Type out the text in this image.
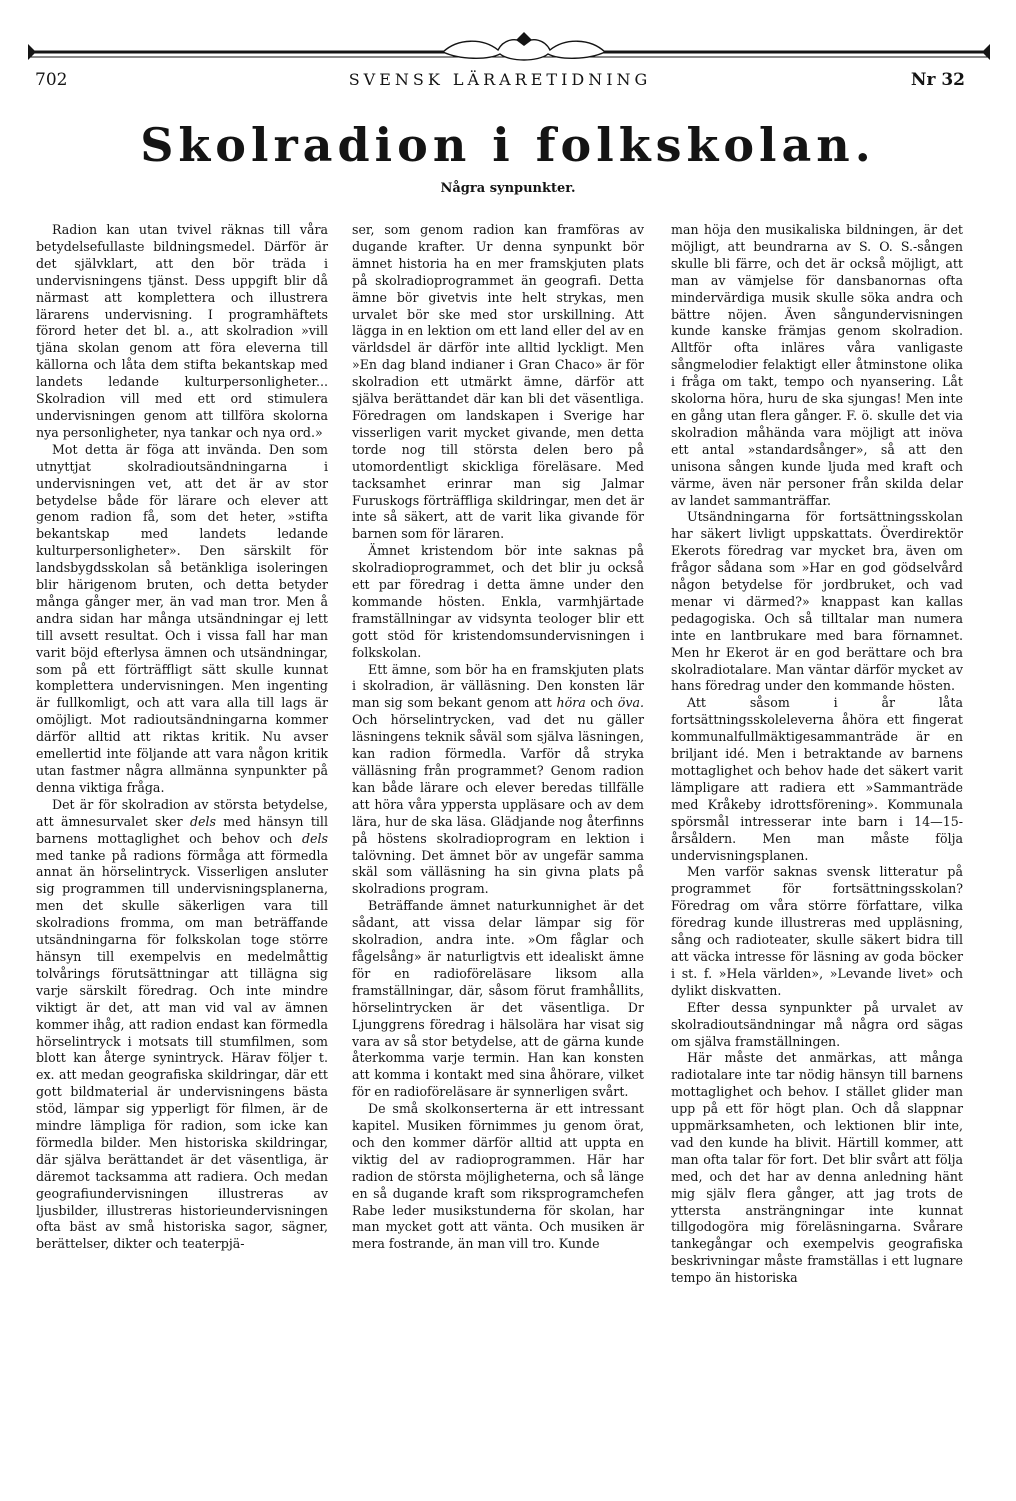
702	SVENSK LÄRARETIDNING	Nr 32
Skolradion i folkskolan.

Några synpunkter.

Radion kan utan tvivel räknas till våra betydelsefullaste bildningsmedel. Därför är det självklart, att den bör träda i undervisningens tjänst. Dess uppgift blir då närmast att komplettera och illustrera lärarens undervisning. I programhäftets förord heter det bl. a., att skolradion »vill tjäna skolan genom att föra eleverna till källorna och låta dem stifta bekantskap med landets ledande kulturpersonligheter... Skolradion vill med ett ord stimulera undervisningen genom att tillföra skolorna nya personligheter, nya tankar och nya ord.»

Mot detta är föga att invända. Den som utnyttjat skolradioutsändningarna i undervisningen vet, att det är av stor betydelse både för lärare och elever att genom radion få, som det heter, »stifta bekantskap med landets ledande kulturpersonligheter». Den särskilt för landsbygdsskolan så betänkliga isoleringen blir härigenom bruten, och detta betyder många gånger mer, än vad man tror. Men å andra sidan har många utsändningar ej lett till avsett resultat. Och i vissa fall har man varit böjd efterlysa ämnen och utsändningar, som på ett förträffligt sätt skulle kunnat komplettera undervisningen. Men ingenting är fullkomligt, och att vara alla till lags är omöjligt. Mot radioutsändningarna kommer därför alltid att riktas kritik. Nu avser emellertid inte följande att vara någon kritik utan fastmer några allmänna synpunkter på denna viktiga fråga.

Det är för skolradion av största betydelse, att ämnesurvalet sker dels med hänsyn till barnens mottaglighet och behov och dels med tanke på radions förmåga att förmedla annat än hörselintryck. Visserligen ansluter sig programmen till undervisningsplanerna, men det skulle säkerligen vara till skolradions fromma, om man beträffande utsändningarna för folkskolan toge större hänsyn till exempelvis en medelmåttig tolvårings förutsättningar att tillägna sig varje särskilt föredrag. Och inte mindre viktigt är det, att man vid val av ämnen kommer ihåg, att radion endast kan förmedla hörselintryck i motsats till stumfilmen, som blott kan återge synintryck. Härav följer t. ex. att medan geografiska skildringar, där ett gott bildmaterial är undervisningens bästa stöd, lämpar sig ypperligt för filmen, är de mindre lämpliga för radion, som icke kan förmedla bilder. Men historiska skildringar, där själva berättandet är det väsentliga, är däremot tacksamma att radiera. Och medan geografiundervisningen illustreras av ljusbilder, illustreras historieundervisningen ofta bäst av små historiska sagor, sägner, berättelser, dikter och teaterpjä-

ser, som genom radion kan framföras av dugande krafter. Ur denna synpunkt bör ämnet historia ha en mer framskjuten plats på skolradioprogrammet än geografi. Detta ämne bör givetvis inte helt strykas, men urvalet bör ske med stor urskillning. Att lägga in en lektion om ett land eller del av en världsdel är därför inte alltid lyckligt. Men »En dag bland indianer i Gran Chaco» är för skolradion ett utmärkt ämne, därför att själva berättandet där kan bli det väsentliga. Föredragen om landskapen i Sverige har visserligen varit mycket givande, men detta torde nog till största delen bero på utomordentligt skickliga föreläsare. Med tacksamhet erinrar man sig Jalmar Furuskogs förträffliga skildringar, men det är inte så säkert, att de varit lika givande för barnen som för läraren.

Ämnet kristendom bör inte saknas på skolradioprogrammet, och det blir ju också ett par föredrag i detta ämne under den kommande hösten. Enkla, varmhjärtade framställningar av vidsynta teologer blir ett gott stöd för kristendomsundervisningen i folkskolan.

Ett ämne, som bör ha en framskjuten plats i skolradion, är välläsning. Den konsten lär man sig som bekant genom att höra och öva. Och hörselintrycken, vad det nu gäller läsningens teknik såväl som själva läsningen, kan radion förmedla. Varför då stryka välläsning från programmet? Genom radion kan både lärare och elever beredas tillfälle att höra våra yppersta uppläsare och av dem lära, hur de ska läsa. Glädjande nog återfinns på höstens skolradioprogram en lektion i talövning. Det ämnet bör av ungefär samma skäl som välläsning ha sin givna plats på skolradions program.

Beträffande ämnet naturkunnighet är det sådant, att vissa delar lämpar sig för skolradion, andra inte. »Om fåglar och fågelsång» är naturligtvis ett idealiskt ämne för en radioföreläsare liksom alla framställningar, där, såsom förut framhållits, hörselintrycken är det väsentliga. Dr Ljunggrens föredrag i hälsolära har visat sig vara av så stor betydelse, att de gärna kunde återkomma varje termin. Han kan konsten att komma i kontakt med sina åhörare, vilket för en radioföreläsare är synnerligen svårt.

De små skolkonserterna är ett intressant kapitel. Musiken förnimmes ju genom örat, och den kommer därför alltid att uppta en viktig del av radioprogrammen. Här har radion de största möjligheterna, och så länge en så dugande kraft som riksprogramchefen Rabe leder musikstunderna för skolan, har man mycket gott att vänta. Och musiken är mera fostrande, än man vill tro. Kunde

man höja den musikaliska bildningen, är det möjligt, att beundrarna av S. O. S.-sången skulle bli färre, och det är också möjligt, att man av vämjelse för dansbanornas ofta mindervärdiga musik skulle söka andra och bättre nöjen. Även sångundervisningen kunde kanske främjas genom skolradion. Alltför ofta inläres våra vanligaste sångmelodier felaktigt eller åtminstone olika i fråga om takt, tempo och nyansering. Låt skolorna höra, huru de ska sjungas! Men inte en gång utan flera gånger. F. ö. skulle det via skolradion måhända vara möjligt att inöva ett antal »standardsånger», så att den unisona sången kunde ljuda med kraft och värme, även när personer från skilda delar av landet sammanträffar.

Utsändningarna för fortsättningsskolan har säkert livligt uppskattats. Överdirektör Ekerots föredrag var mycket bra, även om frågor sådana som »Har en god gödselvård någon betydelse för jordbruket, och vad menar vi därmed?» knappast kan kallas pedagogiska. Och så tilltalar man numera inte en lantbrukare med bara förnamnet. Men hr Ekerot är en god berättare och bra skolradiotalare. Man väntar därför mycket av hans föredrag under den kommande hösten.

Att såsom i år låta fortsättningsskoleleverna åhöra ett fingerat kommunalfullmäktigesammanträde är en briljant idé. Men i betraktande av barnens mottaglighet och behov hade det säkert varit lämpligare att radiera ett »Sammanträde med Kråkeby idrottsförening». Kommunala spörsmål intresserar inte barn i 14—15-årsåldern. Men man måste följa undervisningsplanen.

Men varför saknas svensk litteratur på programmet för fortsättningsskolan? Föredrag om våra större författare, vilka föredrag kunde illustreras med uppläsning, sång och radioteater, skulle säkert bidra till att väcka intresse för läsning av goda böcker i st. f. »Hela världen», »Levande livet» och dylikt diskvatten.

Efter dessa synpunkter på urvalet av skolradioutsändningar må några ord sägas om själva framställningen.

Här måste det anmärkas, att många radiotalare inte tar nödig hänsyn till barnens mottaglighet och behov. I stället glider man upp på ett för högt plan. Och då slappnar uppmärksamheten, och lektionen blir inte, vad den kunde ha blivit. Härtill kommer, att man ofta talar för fort. Det blir svårt att följa med, och det har av denna anledning hänt mig själv flera gånger, att jag trots de yttersta ansträngningar inte kunnat tillgodogöra mig föreläsningarna. Svårare tankegångar och exempelvis geografiska beskrivningar måste framställas i ett lugnare tempo än historiska
